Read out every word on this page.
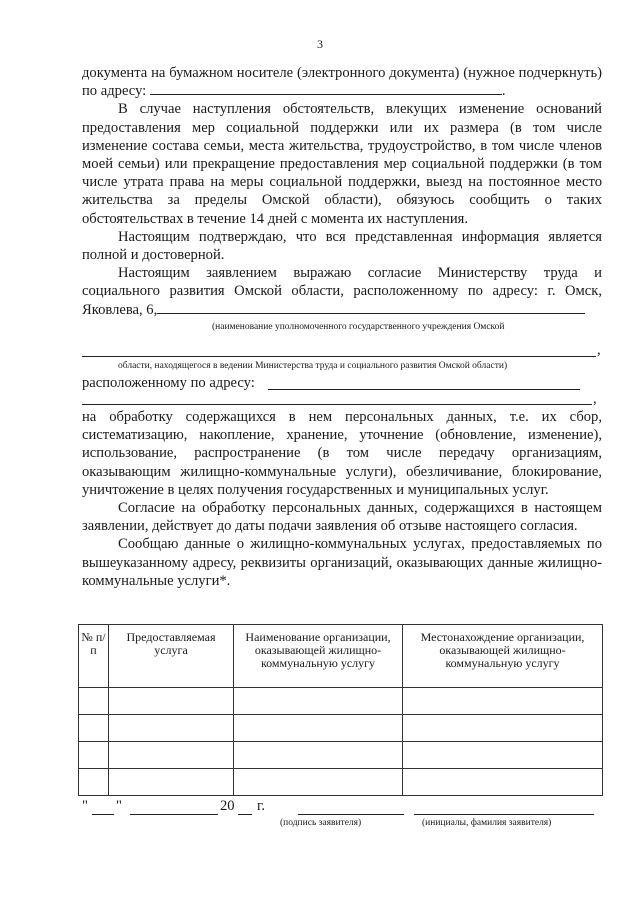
3

документа на бумажном носителе (электронного документа) (нужное подчеркнуть) по адресу:	.

В случае наступления обстоятельств, влекущих изменение оснований предоставления мер социальной поддержки или их размера (в том числе изменение состава семьи, места жительства, трудоустройство, в том числе членов моей семьи) или прекращение предоставления мер социальной поддержки (в том числе утрата права на меры социальной поддержки, выезд на постоянное место жительства за пределы Омской области), обязуюсь сообщить о таких обстоятельствах в течение 14 дней с момента их наступления.

Настоящим подтверждаю, что вся представленная информация является полной и достоверной.

Настоящим заявлением выражаю согласие Министерству труда и социального развития Омской области, расположенному по адресу: г. Омск, Яковлева, 6,

(наименование уполномоченного государственного учреждения Омской
,
области, находящегося в ведении Министерства труда и социального развития Омской области)
расположенному по адресу:
,

на обработку содержащихся в нем персональных данных, т.е. их сбор, систематизацию, накопление, хранение, уточнение (обновление, изменение), использование, распространение (в том числе передачу организациям, оказывающим жилищно-коммунальные услуги), обезличивание, блокирование, уничтожение в целях получения государственных и муниципальных услуг.

Согласие на обработку персональных данных, содержащихся в настоящем заявлении, действует до даты подачи заявления об отзыве настоящего согласия.

Сообщаю данные о жилищно-коммунальных услугах, предоставляемых по вышеуказанному адресу, реквизиты организаций, оказывающих данные жилищно-коммунальные услуги*.

№ п/п	Предоставляемая услуга	Наименование организации, оказывающей жилищно-коммунальную услугу	Местонахождение организации, оказывающей жилищно-коммунальную услугу

" "	20 г.
(подпись заявителя)	(инициалы, фамилия заявителя)
